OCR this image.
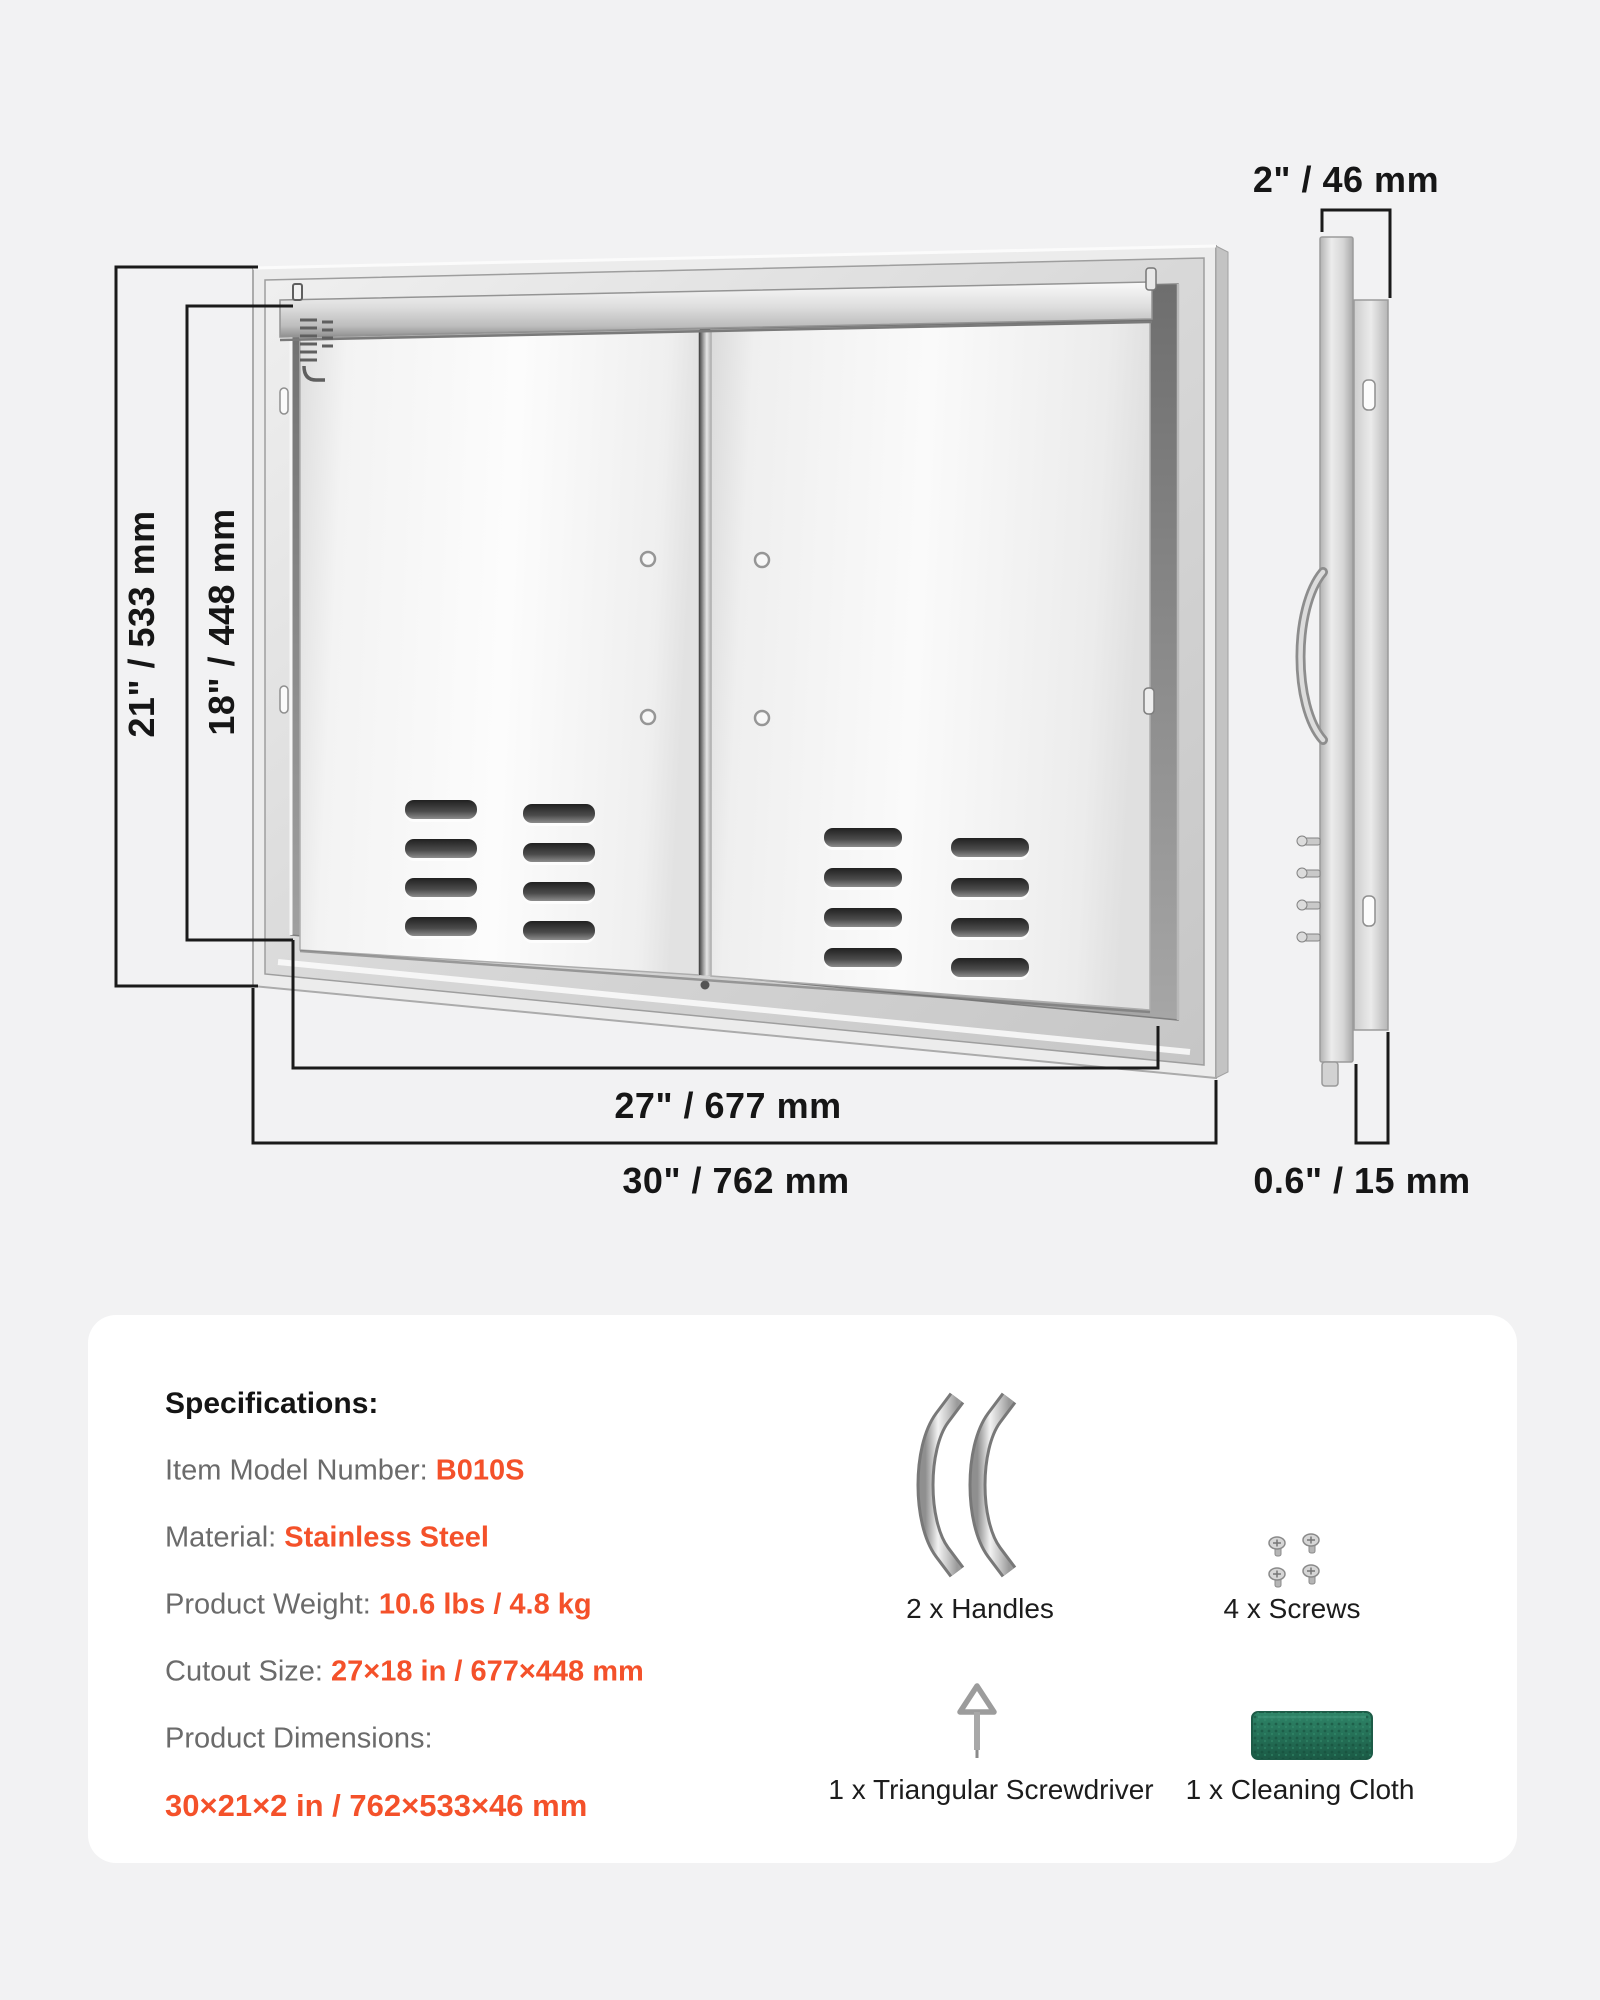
21" / 533 mm 18" / 448 mm
27" / 677 mm
30" / 762 mm
2" / 46 mm
0.6" / 15 mm
Specifications:
Item Model Number: B010S
Material: Stainless Steel
Product Weight: 10.6 lbs / 4.8 kg
Cutout Size: 27×18 in / 677×448 mm
Product Dimensions:
30×21×2 in / 762×533×46 mm
2 x Handles	4 x Screws
1 x Triangular Screwdriver 1 x Cleaning Cloth
